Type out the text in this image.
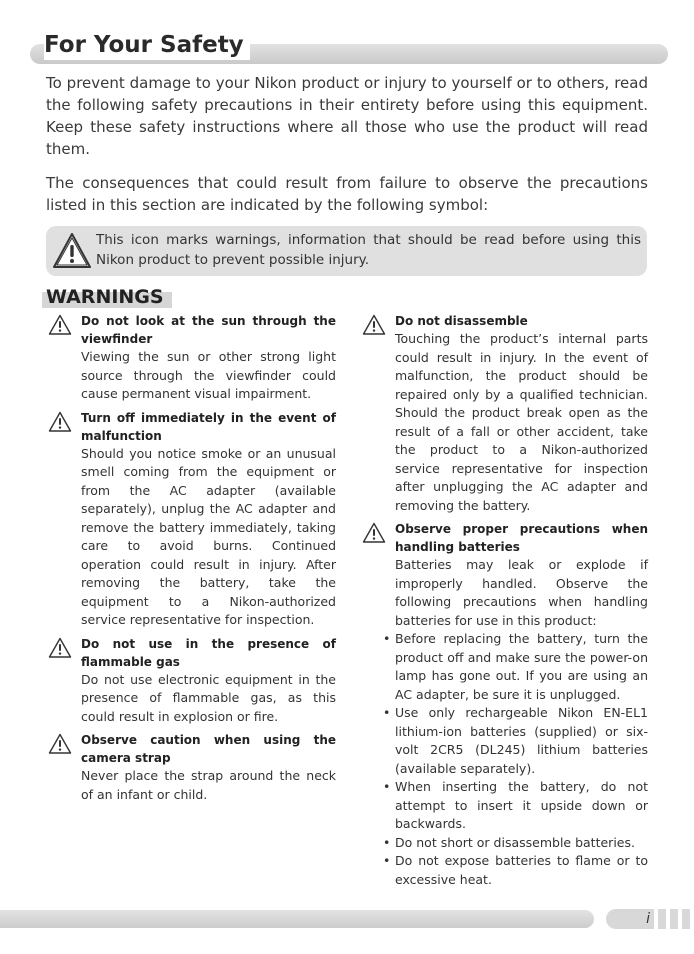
For Your Safety

To prevent damage to your Nikon product or injury to yourself or to others, read the following safety precautions in their entirety before using this equipment. Keep these safety instructions where all those who use the product will read them.

The consequences that could result from failure to observe the precautions listed in this section are indicated by the following symbol:

This icon marks warnings, information that should be read before using this Nikon product to prevent possible injury.
WARNINGS
Do not look at the sun through the viewfinder
Viewing the sun or other strong light source through the viewfinder could cause permanent visual impairment.
Turn off immediately in the event of malfunction
Should you notice smoke or an unusual smell coming from the equipment or from the AC adapter (available separately), unplug the AC adapter and remove the battery immediately, taking care to avoid burns. Continued operation could result in injury. After removing the battery, take the equipment to a Nikon-authorized service representative for inspection.
Do not use in the presence of flammable gas
Do not use electronic equipment in the presence of flammable gas, as this could result in explosion or fire.
Observe caution when using the camera strap
Never place the strap around the neck of an infant or child.
Do not disassemble
Touching the product’s internal parts could result in injury. In the event of malfunction, the product should be repaired only by a qualified technician. Should the product break open as the result of a fall or other accident, take the product to a Nikon-authorized service representative for inspection after unplugging the AC adapter and removing the battery.
Observe proper precautions when handling batteries
Batteries may leak or explode if improperly handled. Observe the following precautions when handling batteries for use in this product:
• Before replacing the battery, turn the product off and make sure the power-on lamp has gone out. If you are using an AC adapter, be sure it is unplugged.
• Use only rechargeable Nikon EN-EL1 lithium-ion batteries (supplied) or six-volt 2CR5 (DL245) lithium batteries (available separately).
• When inserting the battery, do not attempt to insert it upside down or backwards.
• Do not short or disassemble batteries.
• Do not expose batteries to flame or to excessive heat.
i
